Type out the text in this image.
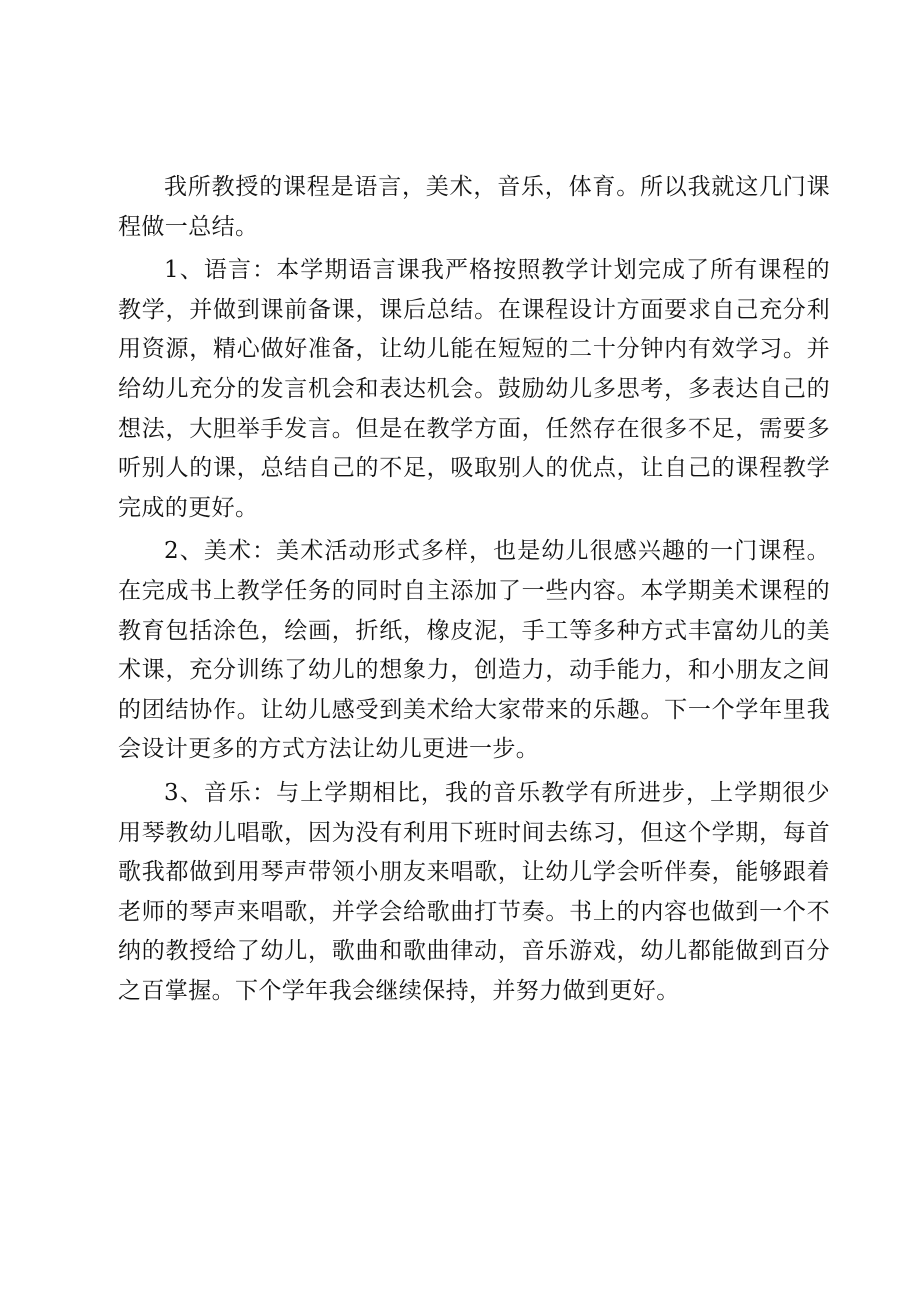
我所教授的课程是语言，美术，音乐，体育。所以我就这几门课程做一总结。

1、语言：本学期语言课我严格按照教学计划完成了所有课程的教学，并做到课前备课，课后总结。在课程设计方面要求自己充分利用资源，精心做好准备，让幼儿能在短短的二十分钟内有效学习。并给幼儿充分的发言机会和表达机会。鼓励幼儿多思考，多表达自己的想法，大胆举手发言。但是在教学方面，任然存在很多不足，需要多听别人的课，总结自己的不足，吸取别人的优点，让自己的课程教学完成的更好。

2、美术：美术活动形式多样，也是幼儿很感兴趣的一门课程。在完成书上教学任务的同时自主添加了一些内容。本学期美术课程的教育包括涂色，绘画，折纸，橡皮泥，手工等多种方式丰富幼儿的美术课，充分训练了幼儿的想象力，创造力，动手能力，和小朋友之间的团结协作。让幼儿感受到美术给大家带来的乐趣。下一个学年里我会设计更多的方式方法让幼儿更进一步。

3、音乐：与上学期相比，我的音乐教学有所进步，上学期很少用琴教幼儿唱歌，因为没有利用下班时间去练习，但这个学期，每首歌我都做到用琴声带领小朋友来唱歌，让幼儿学会听伴奏，能够跟着老师的琴声来唱歌，并学会给歌曲打节奏。书上的内容也做到一个不纳的教授给了幼儿，歌曲和歌曲律动，音乐游戏，幼儿都能做到百分之百掌握。下个学年我会继续保持，并努力做到更好。
